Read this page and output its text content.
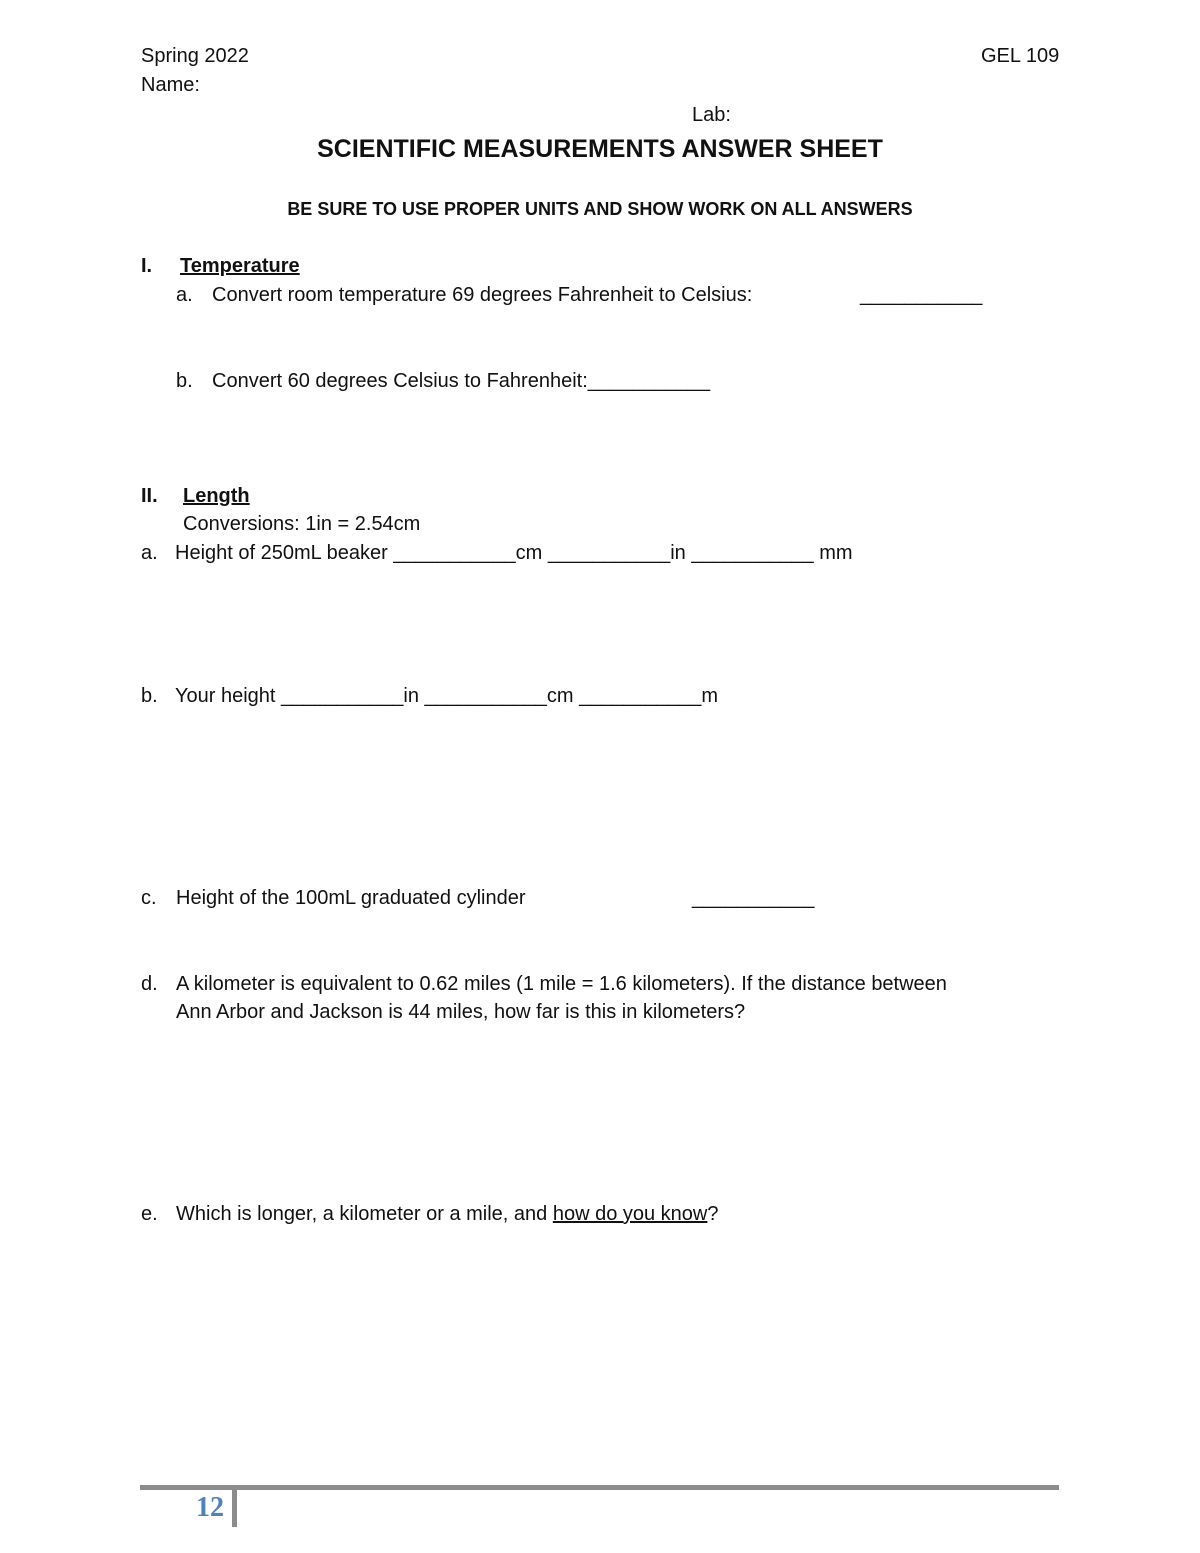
Spring 2022	GEL 109
Name:
Lab:
SCIENTIFIC MEASUREMENTS ANSWER SHEET
BE SURE TO USE PROPER UNITS AND SHOW WORK ON ALL ANSWERS
I. Temperature
a. Convert room temperature 69 degrees Fahrenheit to Celsius:	___________
b. Convert 60 degrees Celsius to Fahrenheit:___________
II. Length
Conversions: 1in = 2.54cm
a. Height of 250mL beaker ___________cm ___________in ___________ mm
b. Your height ___________in ___________cm ___________m
c. Height of the 100mL graduated cylinder	___________
d. A kilometer is equivalent to 0.62 miles (1 mile = 1.6 kilometers). If the distance between
Ann Arbor and Jackson is 44 miles, how far is this in kilometers?
e. Which is longer, a kilometer or a mile, and how do you know?
12
